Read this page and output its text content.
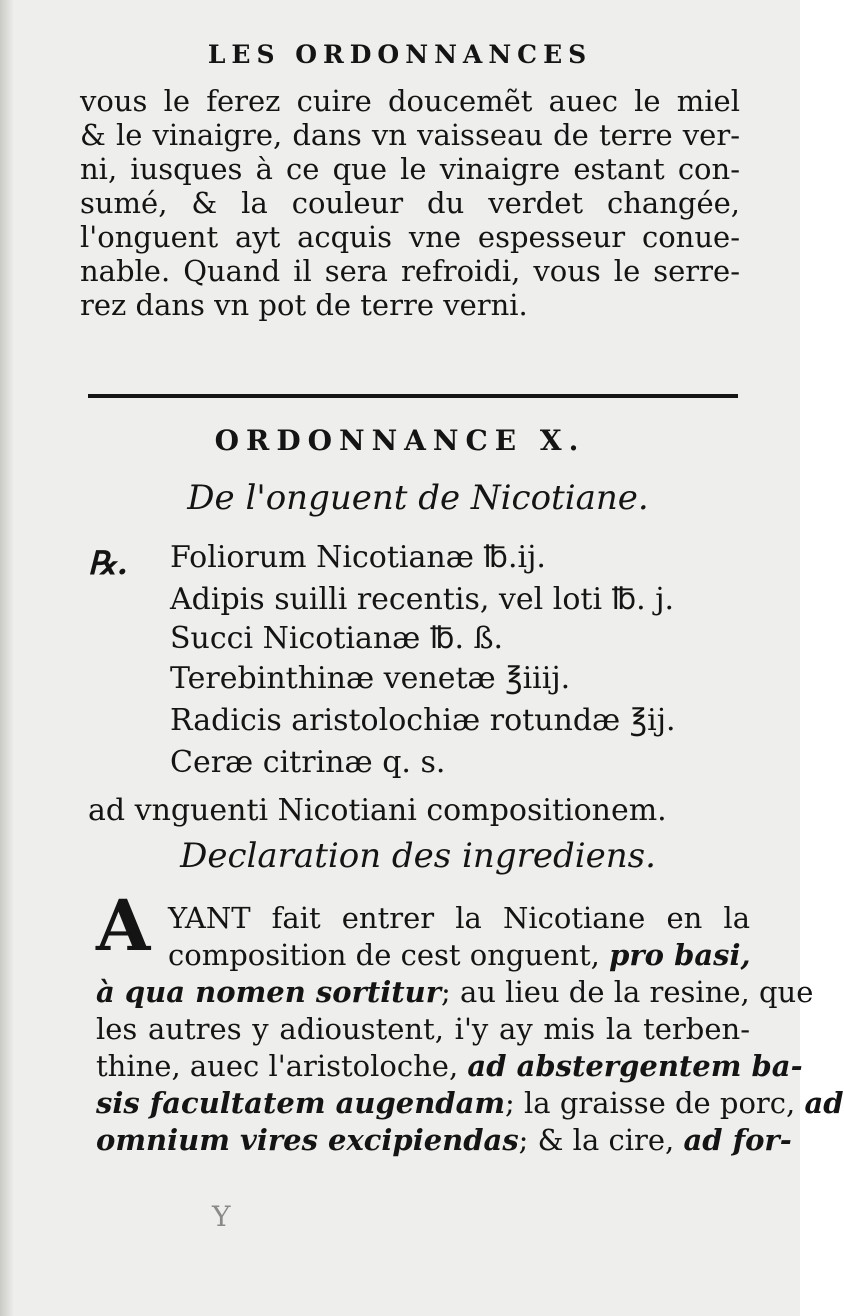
LES ORDONNANCES
vous le ferez cuire doucemẽt auec le miel
& le vinaigre, dans vn vaisseau de terre ver-
ni, iusques à ce que le vinaigre estant con-
sumé, & la couleur du verdet changée,
l'onguent ayt acquis vne espesseur conue-
nable. Quand il sera refroidi, vous le serre-
rez dans vn pot de terre verni.
ORDONNANCE X.
De l'onguent de Nicotiane.
℞. Foliorum Nicotianæ ℔.ij.
Adipis suilli recentis, vel loti ℔. j.
Succi Nicotianæ ℔. ß.
Terebinthinæ venetæ ℥iiij.
Radicis aristolochiæ rotundæ ℥ij.
Ceræ citrinæ q. s.
ad vnguenti Nicotiani compositionem.
Declaration des ingrediens.
A YANT fait entrer la Nicotiane en la
composition de cest onguent, pro basi,
à qua nomen sortitur; au lieu de la resine, que
les autres y adioustent, i'y ay mis la terben-
thine, auec l'aristoloche, ad abstergentem ba-
sis facultatem augendam; la graisse de porc, ad
omnium vires excipiendas; & la cire, ad for-
Y
